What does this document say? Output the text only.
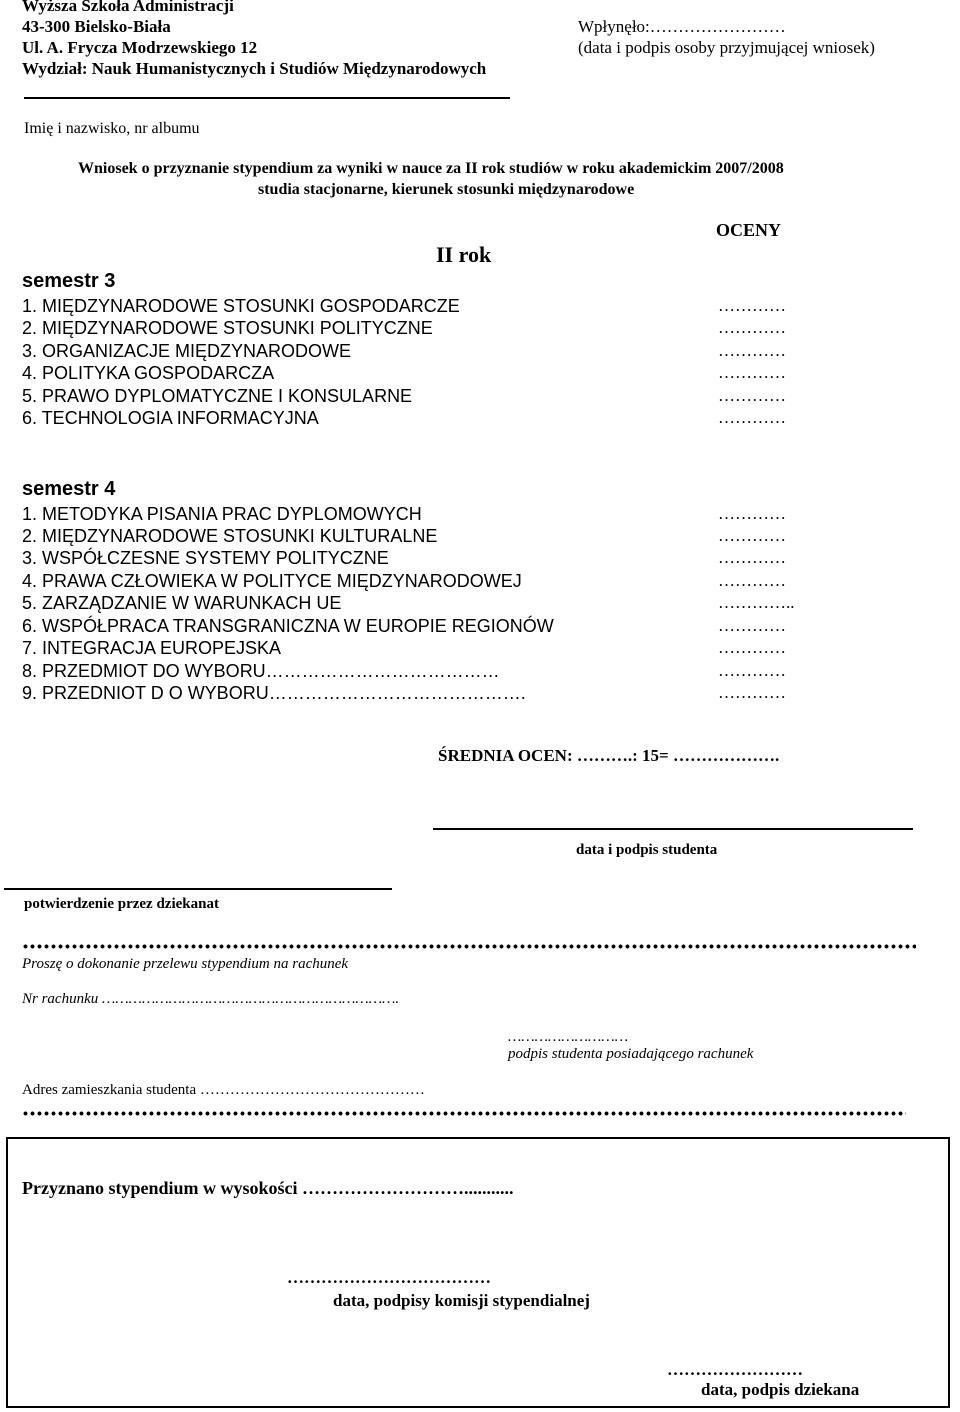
Wyższa Szkoła Administracji
43-300 Bielsko-Biała
Ul. A. Frycza Modrzewskiego 12
Wydział: Nauk Humanistycznych i Studiów Międzynarodowych
Wpłynęło:……………………
(data i podpis osoby przyjmującej wniosek)
Imię i nazwisko, nr albumu
Wniosek o przyznanie stypendium za wyniki w nauce za II rok studiów w roku akademickim 2007/2008
studia stacjonarne, kierunek stosunki międzynarodowe
OCENY
II rok
semestr 3
1. MIĘDZYNARODOWE STOSUNKI GOSPODARCZE	…………
2. MIĘDZYNARODOWE STOSUNKI POLITYCZNE	…………
3. ORGANIZACJE MIĘDZYNARODOWE	…………
4. POLITYKA GOSPODARCZA	…………
5. PRAWO DYPLOMATYCZNE I KONSULARNE	…………
6. TECHNOLOGIA INFORMACYJNA	…………
semestr 4
1. METODYKA PISANIA PRAC DYPLOMOWYCH	…………
2. MIĘDZYNARODOWE STOSUNKI KULTURALNE	…………
3. WSPÓŁCZESNE SYSTEMY POLITYCZNE	…………
4. PRAWA CZŁOWIEKA W POLITYCE MIĘDZYNARODOWEJ	…………
5. ZARZĄDZANIE W WARUNKACH UE	…………..
6. WSPÓŁPRACA TRANSGRANICZNA W EUROPIE REGIONÓW	…………
7. INTEGRACJA EUROPEJSKA	…………
8. PRZEDMIOT DO WYBORU…………………………………	…………
9. PRZEDNIOT D O WYBORU…………………………………….	…………
ŚREDNIA OCEN: ……….: 15= ……………….
data i podpis studenta
potwierdzenie przez dziekanat
Proszę o dokonanie przelewu stypendium na rachunek
Nr rachunku ………………………………………………………….
………………………
podpis studenta posiadającego rachunek
Adres zamieszkania studenta ………………………………………
Przyznano stypendium w wysokości ………………………...........
………………………………
data, podpisy komisji stypendialnej
……………………
data, podpis dziekana
